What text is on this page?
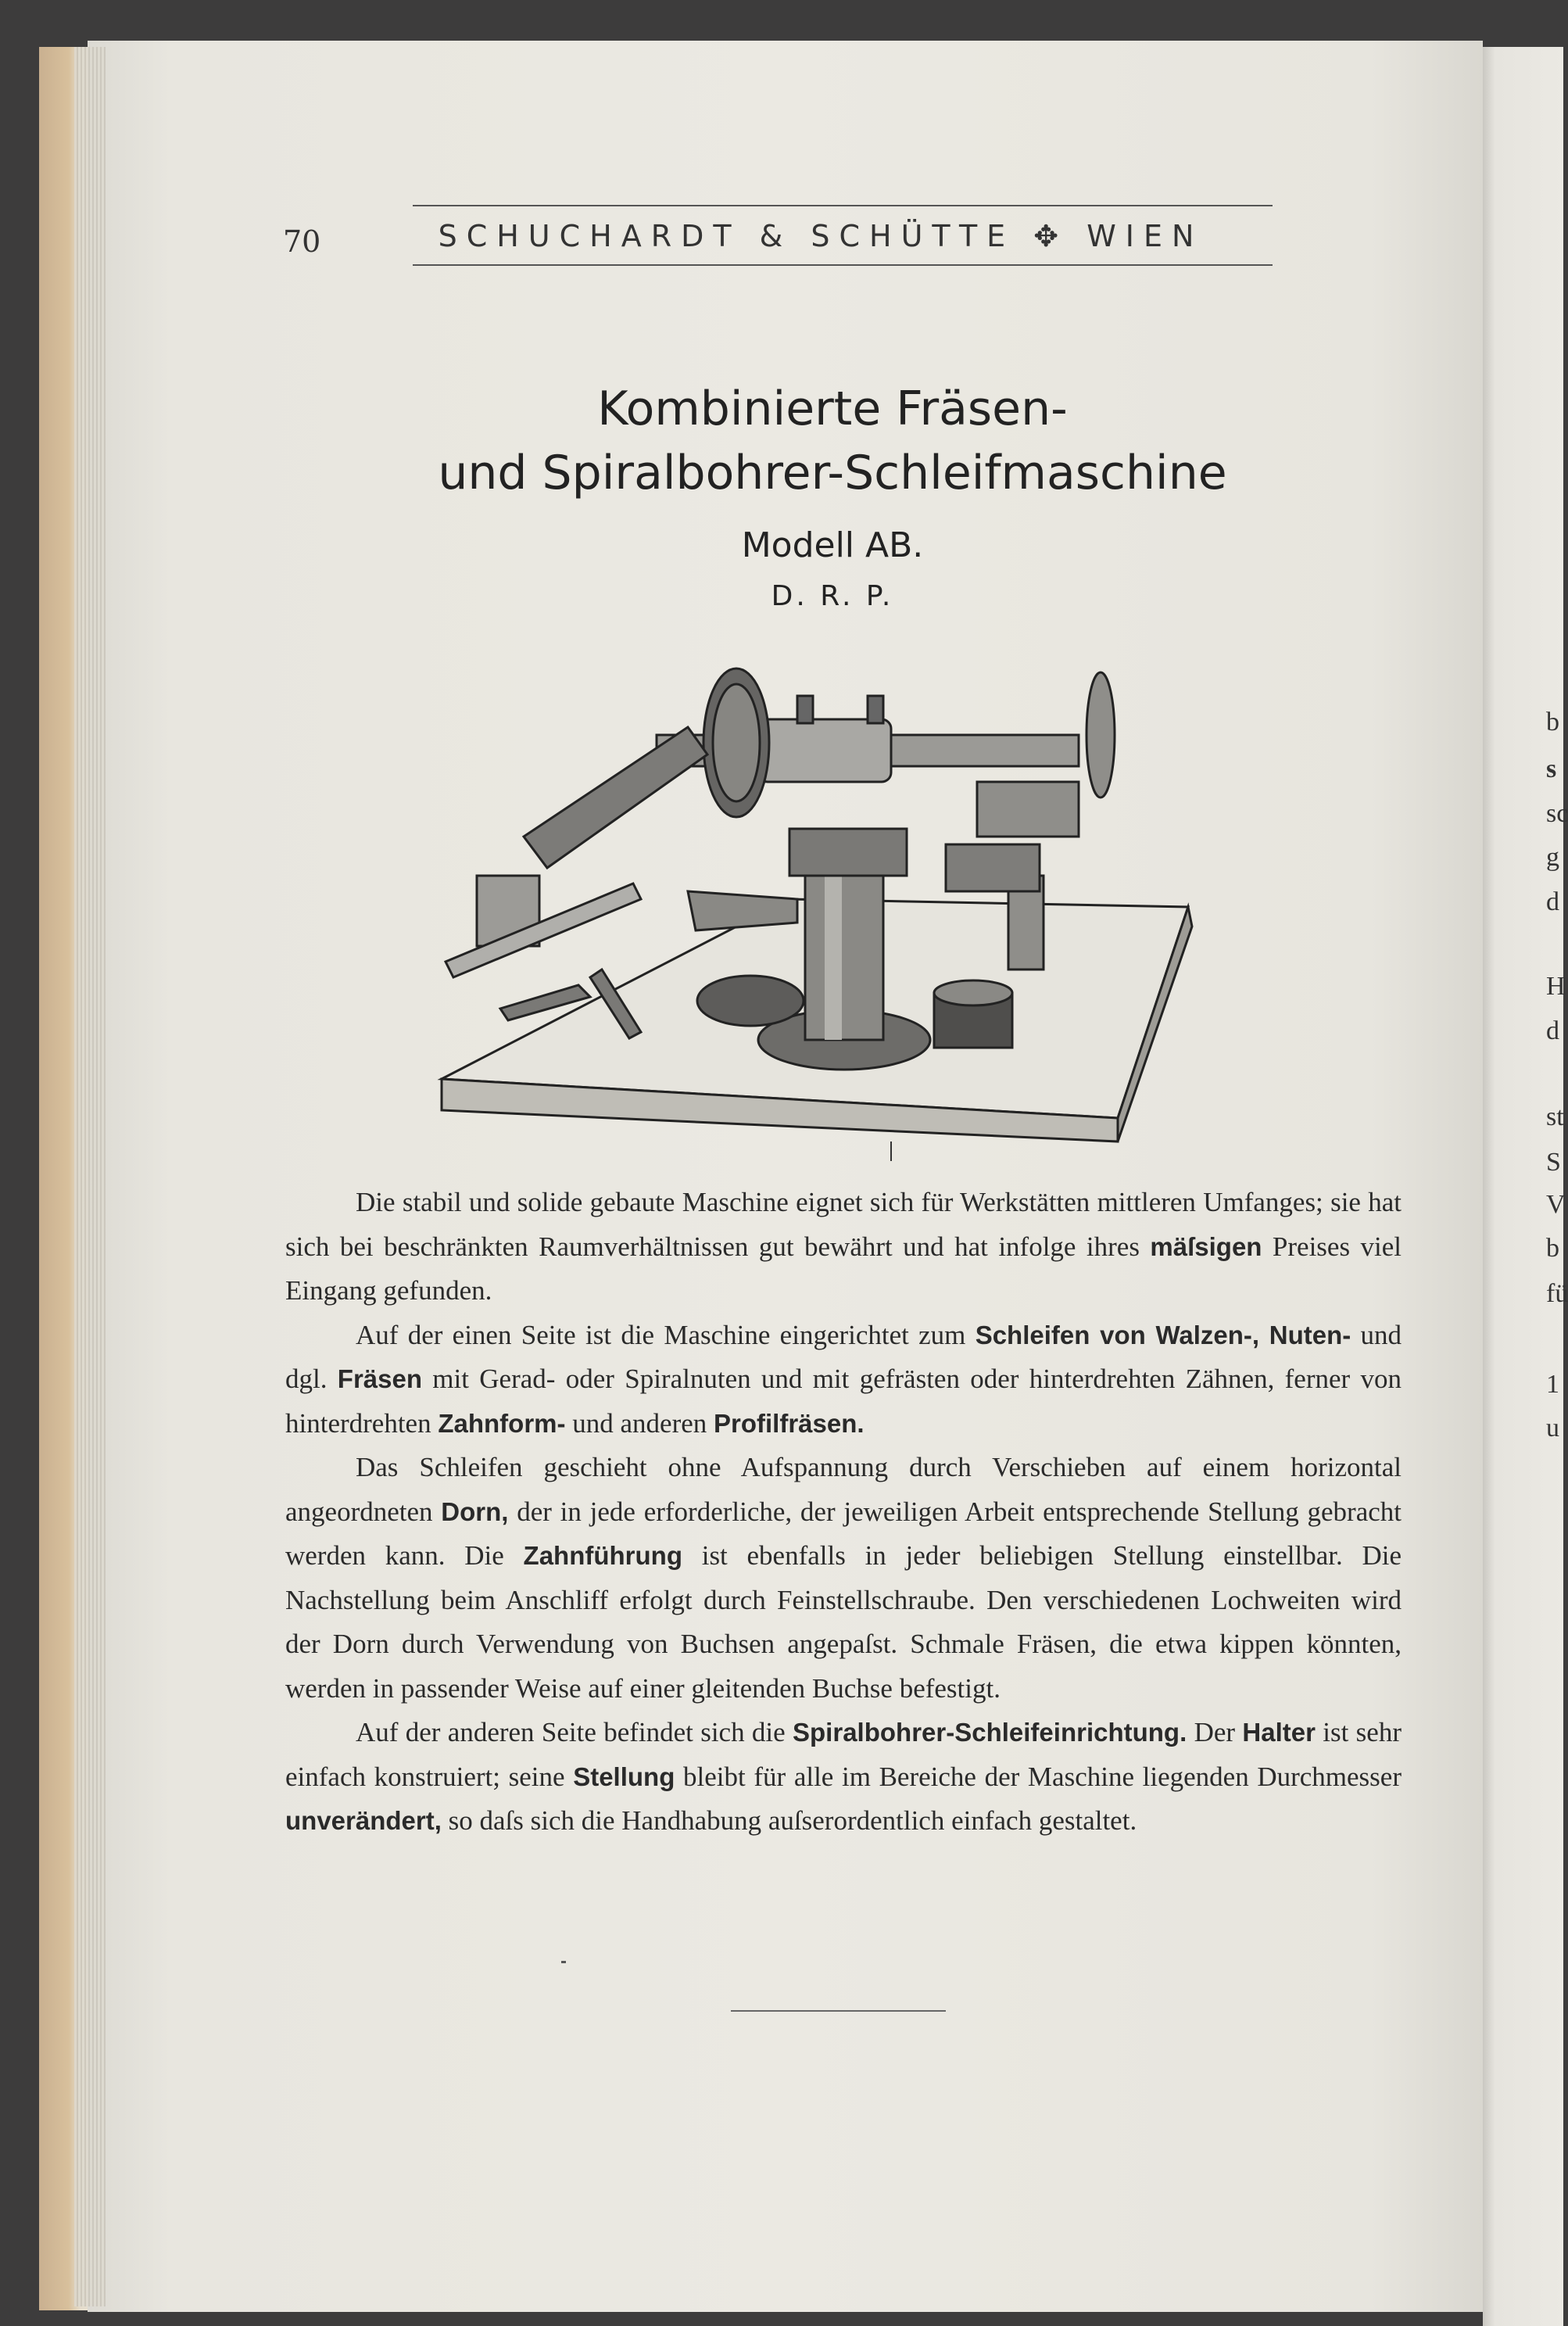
70	SCHUCHARDT & SCHÜTTE ✥ WIEN
Kombinierte Fräsen-
und Spiralbohrer-Schleifmaschine
Modell AB.
D. R. P.

Die stabil und solide gebaute Maschine eignet sich für Werkstätten mittleren Umfanges; sie hat sich bei beschränkten Raumverhältnissen gut bewährt und hat infolge ihres mäſsigen Preises viel Eingang gefunden.

Auf der einen Seite ist die Maschine eingerichtet zum Schleifen von Walzen-, Nuten- und dgl. Fräsen mit Gerad- oder Spiralnuten und mit gefrästen oder hinterdrehten Zähnen, ferner von hinterdrehten Zahnform- und anderen Profilfräsen.

Das Schleifen geschieht ohne Aufspannung durch Verschieben auf einem horizontal angeordneten Dorn, der in jede erforderliche, der jeweiligen Arbeit entsprechende Stellung gebracht werden kann. Die Zahnführung ist ebenfalls in jeder beliebigen Stellung einstellbar. Die Nachstellung beim Anschliff erfolgt durch Feinstellschraube. Den verschiedenen Lochweiten wird der Dorn durch Verwendung von Buchsen angepaſst. Schmale Fräsen, die etwa kippen könnten, werden in passender Weise auf einer gleitenden Buchse befestigt.

Auf der anderen Seite befindet sich die Spiralbohrer-Schleifeinrichtung. Der Halter ist sehr einfach konstruiert; seine Stellung bleibt für alle im Bereiche der Maschine liegenden Durchmesser unverändert, so daſs sich die Handhabung auſserordentlich einfach gestaltet.

b
s
sc
g
d
H
d
st
S
V
b
fü
1
u
